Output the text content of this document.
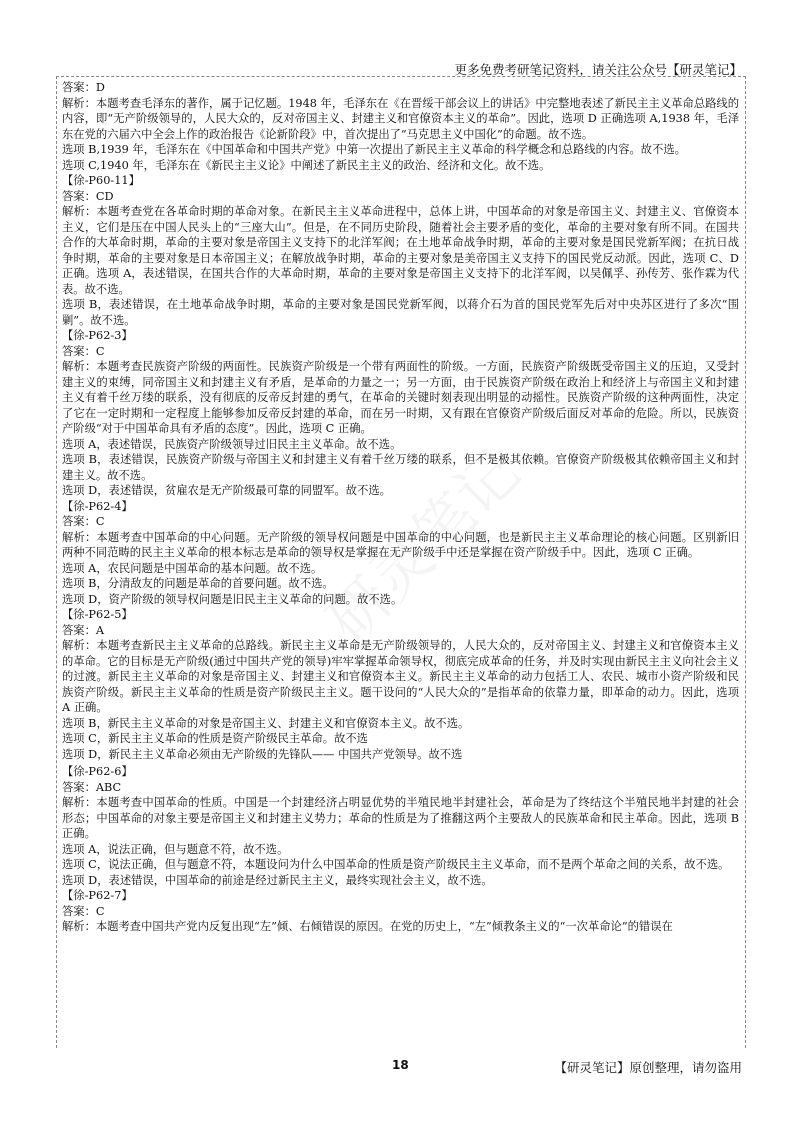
更多免费考研笔记资料，请关注公众号【研灵笔记】

答案：D

解析：本题考查毛泽东的著作，属于记忆题。1948 年，毛泽东在《在晋绥干部会议上的讲话》中完整地表述了新民主主义革命总路线的内容，即“无产阶级领导的，人民大众的，反对帝国主义、封建主义和官僚资本主义的革命”。因此，选项 D 正确选项 A,1938 年，毛泽东在党的六届六中全会上作的政治报告《论新阶段》中，首次提出了“马克思主义中国化”的命题。故不选。

选项 B,1939 年，毛泽东在《中国革命和中国共产党》中第一次提出了新民主主义革命的科学概念和总路线的内容。故不选。

选项 C,1940 年，毛泽东在《新民主主义论》中阐述了新民主主义的政治、经济和文化。故不选。

【徐-P60-11】

答案：CD

解析：本题考查党在各革命时期的革命对象。在新民主主义革命进程中，总体上讲，中国革命的对象是帝国主义、封建主义、官僚资本主义，它们是压在中国人民头上的“三座大山”。但是，在不同历史阶段，随着社会主要矛盾的变化，革命的主要对象有所不同。在国共合作的大革命时期，革命的主要对象是帝国主义支持下的北洋军阀；在土地革命战争时期，革命的主要对象是国民党新军阀；在抗日战争时期，革命的主要对象是日本帝国主义；在解放战争时期，革命的主要对象是美帝国主义支持下的国民党反动派。因此，选项 C、D 正确。选项 A，表述错误，在国共合作的大革命时期，革命的主要对象是帝国主义支持下的北洋军阀，以吴佩孚、孙传芳、张作霖为代表。故不选。

选项 B，表述错误，在土地革命战争时期，革命的主要对象是国民党新军阀，以蒋介石为首的国民党军先后对中央苏区进行了多次“围剿”。故不选。

【徐-P62-3】

答案：C

解析：本题考查民族资产阶级的两面性。民族资产阶级是一个带有两面性的阶级。一方面，民族资产阶级既受帝国主义的压迫，又受封建主义的束缚，同帝国主义和封建主义有矛盾，是革命的力量之一；另一方面，由于民族资产阶级在政治上和经济上与帝国主义和封建主义有着千丝万缕的联系，没有彻底的反帝反封建的勇气，在革命的关键时刻表现出明显的动摇性。民族资产阶级的这种两面性，决定了它在一定时期和一定程度上能够参加反帝反封建的革命，而在另一时期，又有跟在官僚资产阶级后面反对革命的危险。所以，民族资产阶级“对于中国革命具有矛盾的态度”。因此，选项 C 正确。

选项 A，表述错误，民族资产阶级领导过旧民主主义革命。故不选。

选项 B，表述错误，民族资产阶级与帝国主义和封建主义有着千丝万缕的联系，但不是极其依赖。官僚资产阶级极其依赖帝国主义和封建主义。故不选。

选项 D，表述错误，贫雇农是无产阶级最可靠的同盟军。故不选。

【徐-P62-4】

答案：C

解析：本题考查中国革命的中心问题。无产阶级的领导权问题是中国革命的中心问题，也是新民主主义革命理论的核心问题。区别新旧两种不同范畴的民主主义革命的根本标志是革命的领导权是掌握在无产阶级手中还是掌握在资产阶级手中。因此，选项 C 正确。

选项 A，农民问题是中国革命的基本问题。故不选。

选项 B，分清敌友的问题是革命的首要问题。故不选。

选项 D，资产阶级的领导权问题是旧民主主义革命的问题。故不选。

【徐-P62-5】

答案：A

解析：本题考查新民主主义革命的总路线。新民主主义革命是无产阶级领导的，人民大众的，反对帝国主义、封建主义和官僚资本主义的革命。它的目标是无产阶级(通过中国共产党的领导)牢牢掌握革命领导权，彻底完成革命的任务，并及时实现由新民主主义向社会主义的过渡。新民主主义革命的对象是帝国主义、封建主义和官僚资本主义。新民主主义革命的动力包括工人、农民、城市小资产阶级和民族资产阶级。新民主主义革命的性质是资产阶级民主主义。题干设问的“人民大众的”是指革命的依靠力量，即革命的动力。因此，选项 A 正确。

选项 B，新民主主义革命的对象是帝国主义、封建主义和官僚资本主义。故不选。

选项 C，新民主主义革命的性质是资产阶级民主革命。故不选

选项 D，新民主主义革命必须由无产阶级的先锋队—— 中国共产党领导。故不选

【徐-P62-6】

答案：ABC

解析：本题考查中国革命的性质。中国是一个封建经济占明显优势的半殖民地半封建社会，革命是为了终结这个半殖民地半封建的社会形态；中国革命的对象主要是帝国主义和封建主义势力；革命的性质是为了推翻这两个主要敌人的民族革命和民主革命。因此，选项 B 正确。

选项 A，说法正确，但与题意不符，故不选。

选项 C，说法正确，但与题意不符，本题设问为什么中国革命的性质是资产阶级民主主义革命，而不是两个革命之间的关系，故不选。

选项 D，表述错误，中国革命的前途是经过新民主主义，最终实现社会主义，故不选。

【徐-P62-7】

答案：C

解析：本题考查中国共产党内反复出现“左”倾、右倾错误的原因。在党的历史上，“左”倾教条主义的“一次革命论”的错误在

18	【研灵笔记】原创整理，请勿盗用
